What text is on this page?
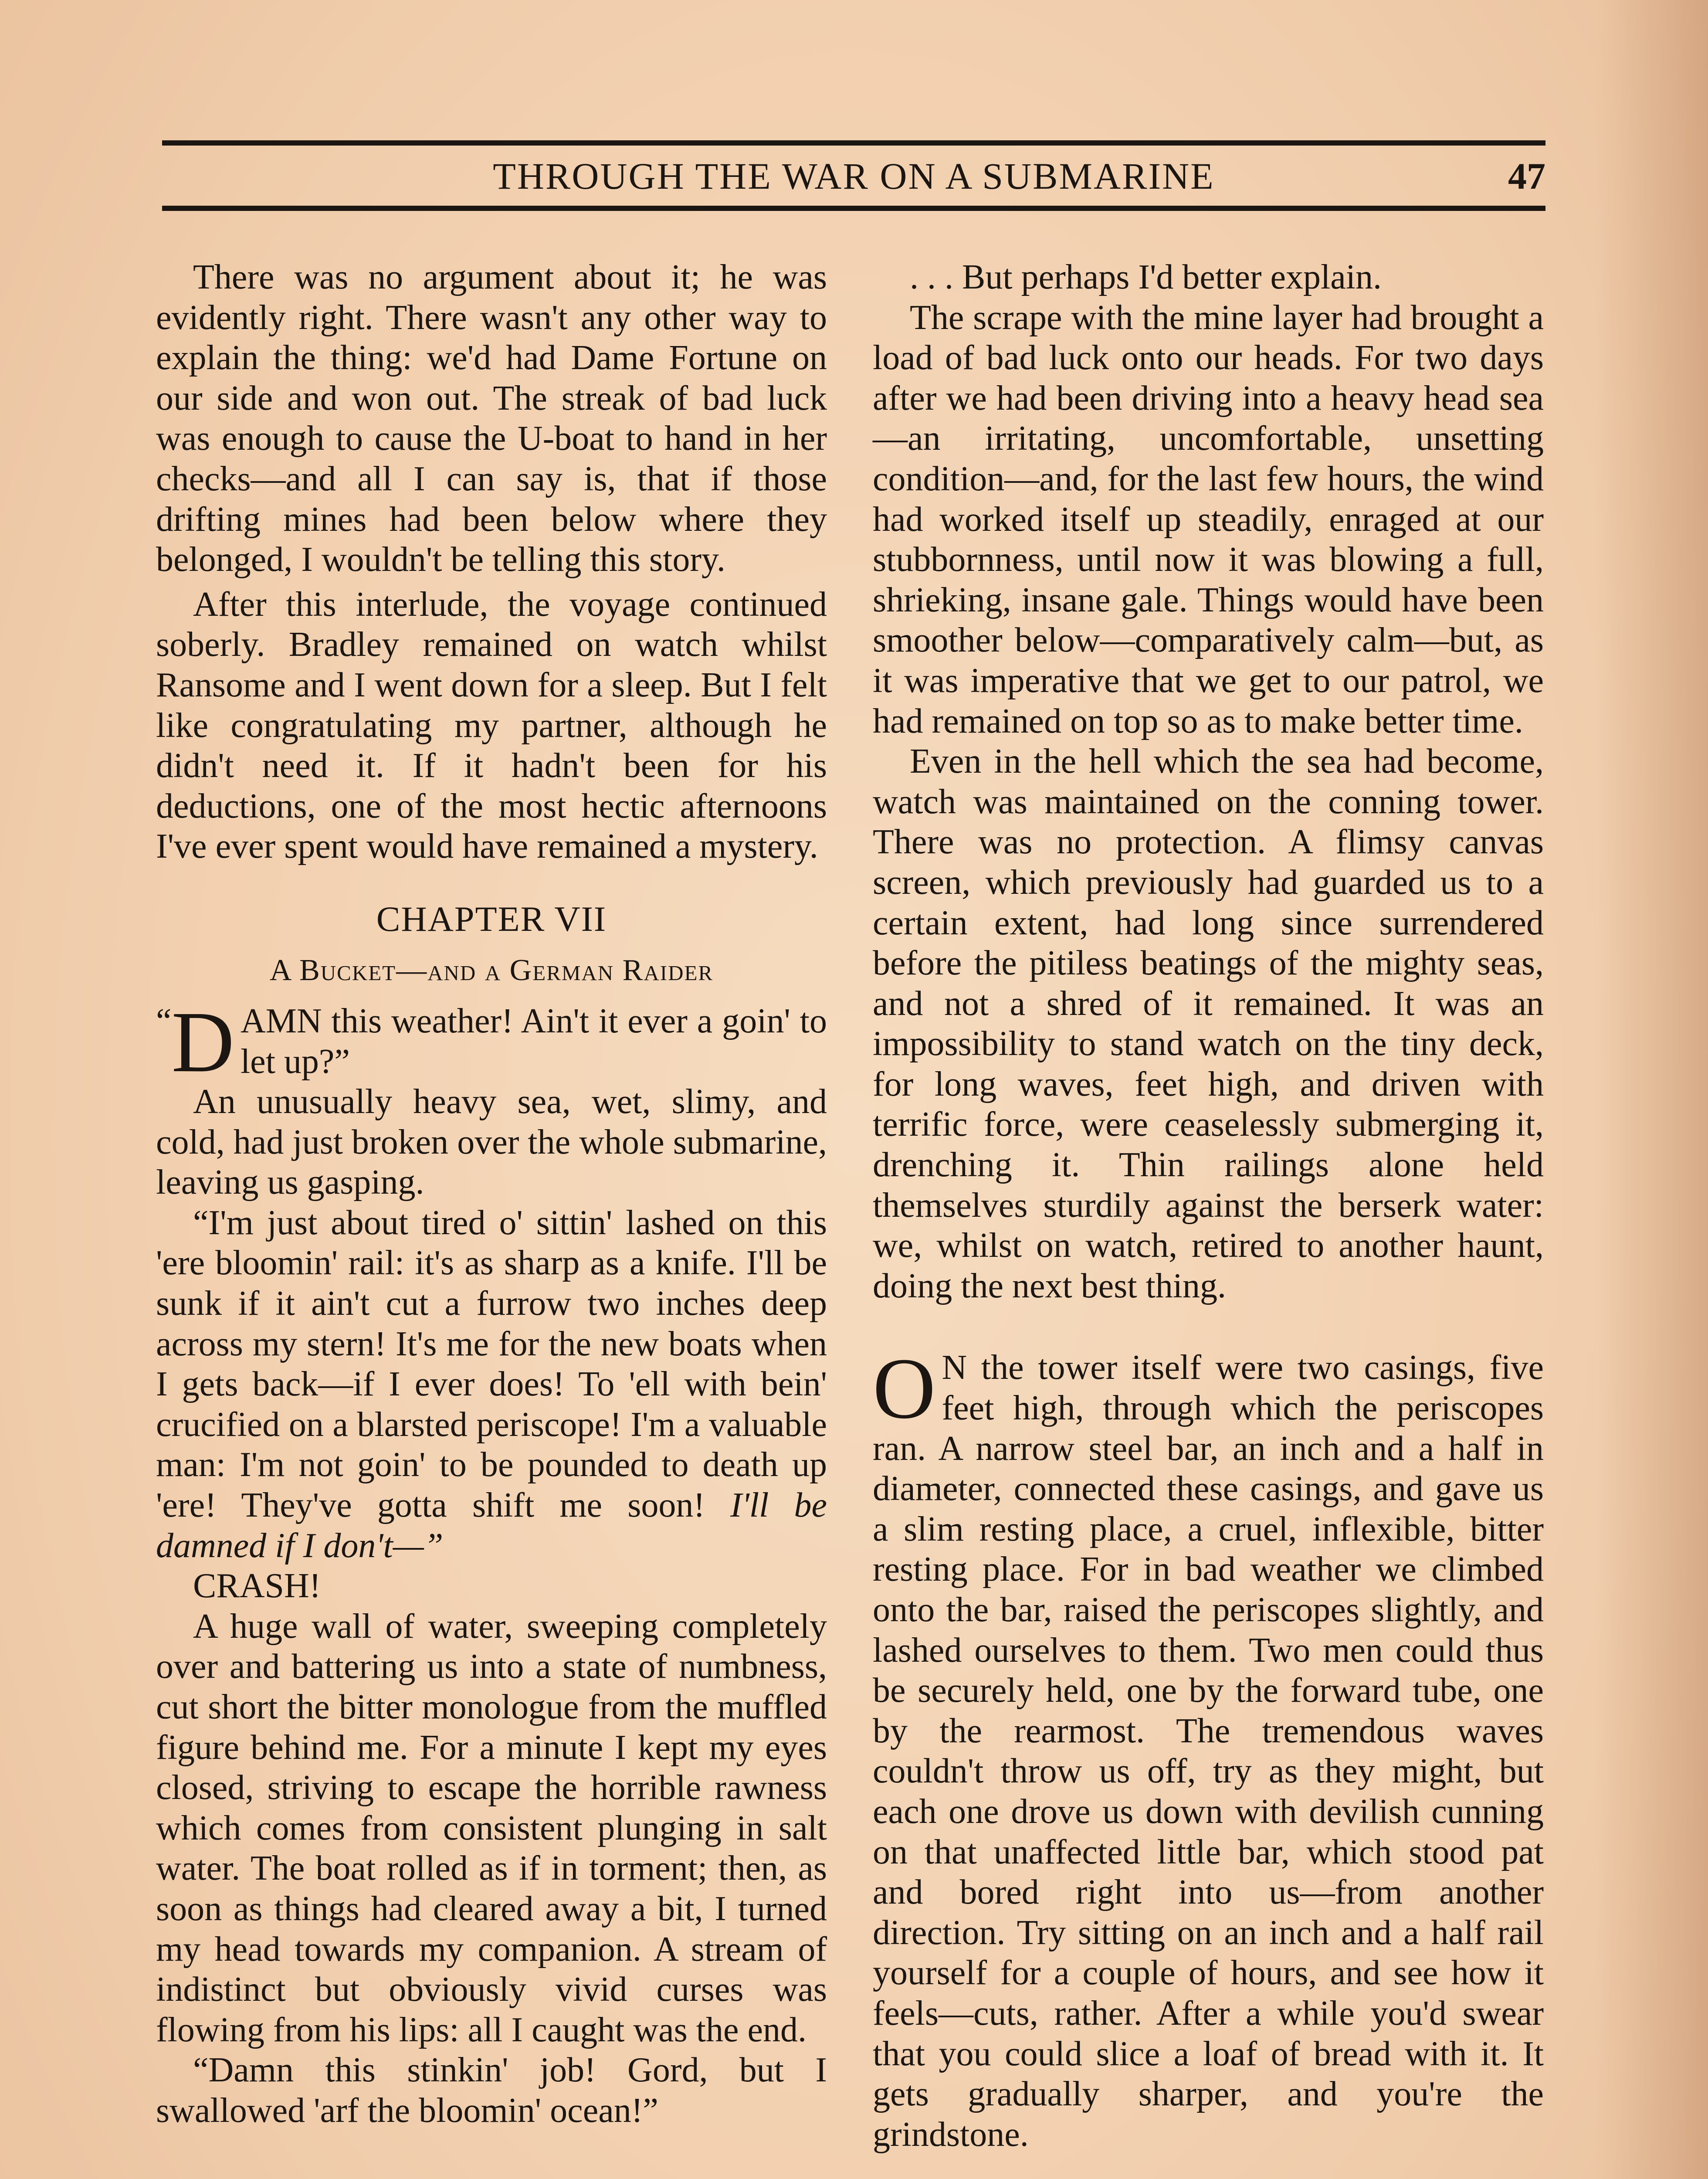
THROUGH THE WAR ON A SUBMARINE	47

There was no argument about it; he was evidently right. There wasn't any other way to explain the thing: we'd had Dame Fortune on our side and won out. The streak of bad luck was enough to cause the U-boat to hand in her checks—and all I can say is, that if those drifting mines had been below where they belonged, I wouldn't be telling this story.

After this interlude, the voyage continued soberly. Bradley remained on watch whilst Ransome and I went down for a sleep. But I felt like congratulating my partner, although he didn't need it. If it hadn't been for his deductions, one of the most hectic afternoons I've ever spent would have remained a mystery.

CHAPTER VII
A Bucket—and a German Raider

“ D AMN this weather! Ain't it ever a goin' to let up?”

An unusually heavy sea, wet, slimy, and cold, had just broken over the whole submarine, leaving us gasping.

“I'm just about tired o' sittin' lashed on this 'ere bloomin' rail: it's as sharp as a knife. I'll be sunk if it ain't cut a furrow two inches deep across my stern! It's me for the new boats when I gets back—if I ever does! To 'ell with bein' crucified on a blarsted periscope! I'm a valuable man: I'm not goin' to be pounded to death up 'ere! They've gotta shift me soon! I'll be damned if I don't—”

CRASH!

A huge wall of water, sweeping completely over and battering us into a state of numbness, cut short the bitter monologue from the muffled figure behind me. For a minute I kept my eyes closed, striving to escape the horrible rawness which comes from consistent plunging in salt water. The boat rolled as if in torment; then, as soon as things had cleared away a bit, I turned my head towards my companion. A stream of indistinct but obviously vivid curses was flowing from his lips: all I caught was the end.

“Damn this stinkin' job! Gord, but I swallowed 'arf the bloomin' ocean!”

. . . But perhaps I'd better explain.

The scrape with the mine layer had brought a load of bad luck onto our heads. For two days after we had been driving into a heavy head sea—an irritating, uncomfortable, unsetting condition—and, for the last few hours, the wind had worked itself up steadily, enraged at our stubbornness, until now it was blowing a full, shrieking, insane gale. Things would have been smoother below—comparatively calm—but, as it was imperative that we get to our patrol, we had remained on top so as to make better time.

Even in the hell which the sea had become, watch was maintained on the conning tower. There was no protection. A flimsy canvas screen, which previously had guarded us to a certain extent, had long since surrendered before the pitiless beatings of the mighty seas, and not a shred of it remained. It was an impossibility to stand watch on the tiny deck, for long waves, feet high, and driven with terrific force, were ceaselessly submerging it, drenching it. Thin railings alone held themselves sturdily against the berserk water: we, whilst on watch, retired to another haunt, doing the next best thing.

O N the tower itself were two casings, five feet high, through which the periscopes ran. A narrow steel bar, an inch and a half in diameter, connected these casings, and gave us a slim resting place, a cruel, inflexible, bitter resting place. For in bad weather we climbed onto the bar, raised the periscopes slightly, and lashed ourselves to them. Two men could thus be securely held, one by the forward tube, one by the rearmost. The tremendous waves couldn't throw us off, try as they might, but each one drove us down with devilish cunning on that unaffected little bar, which stood pat and bored right into us—from another direction. Try sitting on an inch and a half rail yourself for a couple of hours, and see how it feels—cuts, rather. After a while you'd swear that you could slice a loaf of bread with it. It gets gradually sharper, and you're the grindstone.
